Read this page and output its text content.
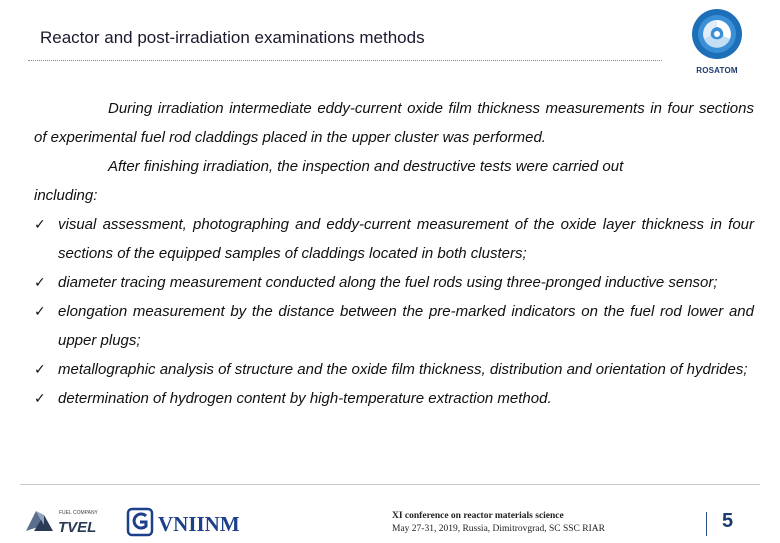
Reactor and post-irradiation examinations methods
ROSATOM

During irradiation intermediate eddy-current oxide film thickness measurements in four sections of experimental fuel rod claddings placed in the upper cluster was performed.

After finishing irradiation, the inspection and destructive tests were carried out

including:

✓ visual assessment, photographing and eddy-current measurement of the oxide layer thickness in four sections of the equipped samples of claddings located in both clusters;
✓ diameter tracing measurement conducted along the fuel rods using three-pronged inductive sensor;
✓ elongation measurement by the distance between the pre-marked indicators on the fuel rod lower and upper plugs;
✓ metallographic analysis of structure and the oxide film thickness, distribution and orientation of hydrides;
✓ determination of hydrogen content by high-temperature extraction method.
FUEL COMPANY
TVEL	VNIINM	XI conference on reactor materials science
May 27-31, 2019, Russia, Dimitrovgrad, SC SSC RIAR	5
